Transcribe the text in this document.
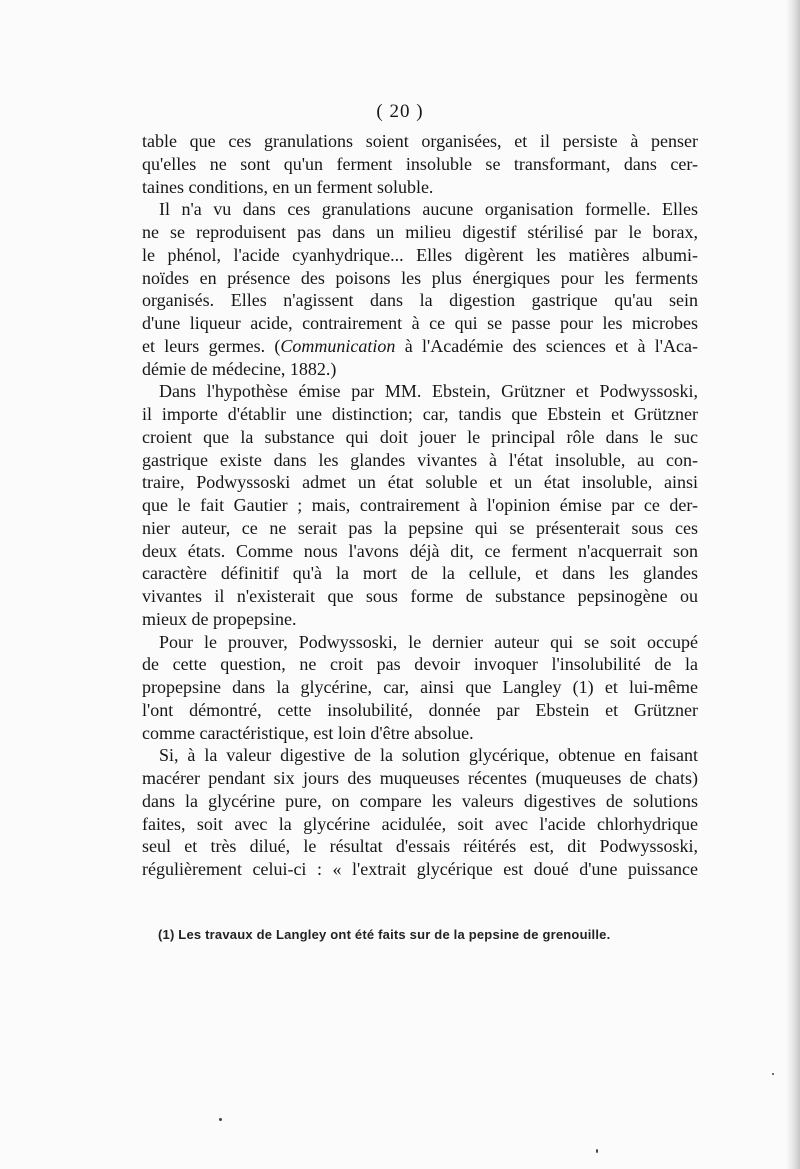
( 20 )
table que ces granulations soient organisées, et il persiste à penser
qu'elles ne sont qu'un ferment insoluble se transformant, dans cer-
taines conditions, en un ferment soluble.
Il n'a vu dans ces granulations aucune organisation formelle. Elles
ne se reproduisent pas dans un milieu digestif stérilisé par le borax,
le phénol, l'acide cyanhydrique... Elles digèrent les matières albumi-
noïdes en présence des poisons les plus énergiques pour les ferments
organisés. Elles n'agissent dans la digestion gastrique qu'au sein
d'une liqueur acide, contrairement à ce qui se passe pour les microbes
et leurs germes. (Communication à l'Académie des sciences et à l'Aca-
démie de médecine, 1882.)
Dans l'hypothèse émise par MM. Ebstein, Grützner et Podwyssoski,
il importe d'établir une distinction; car, tandis que Ebstein et Grützner
croient que la substance qui doit jouer le principal rôle dans le suc
gastrique existe dans les glandes vivantes à l'état insoluble, au con-
traire, Podwyssoski admet un état soluble et un état insoluble, ainsi
que le fait Gautier ; mais, contrairement à l'opinion émise par ce der-
nier auteur, ce ne serait pas la pepsine qui se présenterait sous ces
deux états. Comme nous l'avons déjà dit, ce ferment n'acquerrait son
caractère définitif qu'à la mort de la cellule, et dans les glandes
vivantes il n'existerait que sous forme de substance pepsinogène ou
mieux de propepsine.
Pour le prouver, Podwyssoski, le dernier auteur qui se soit occupé
de cette question, ne croit pas devoir invoquer l'insolubilité de la
propepsine dans la glycérine, car, ainsi que Langley (1) et lui-même
l'ont démontré, cette insolubilité, donnée par Ebstein et Grützner
comme caractéristique, est loin d'être absolue.
Si, à la valeur digestive de la solution glycérique, obtenue en faisant
macérer pendant six jours des muqueuses récentes (muqueuses de chats)
dans la glycérine pure, on compare les valeurs digestives de solutions
faites, soit avec la glycérine acidulée, soit avec l'acide chlorhydrique
seul et très dilué, le résultat d'essais réitérés est, dit Podwyssoski,
régulièrement celui-ci : « l'extrait glycérique est doué d'une puissance
(1) Les travaux de Langley ont été faits sur de la pepsine de grenouille.
